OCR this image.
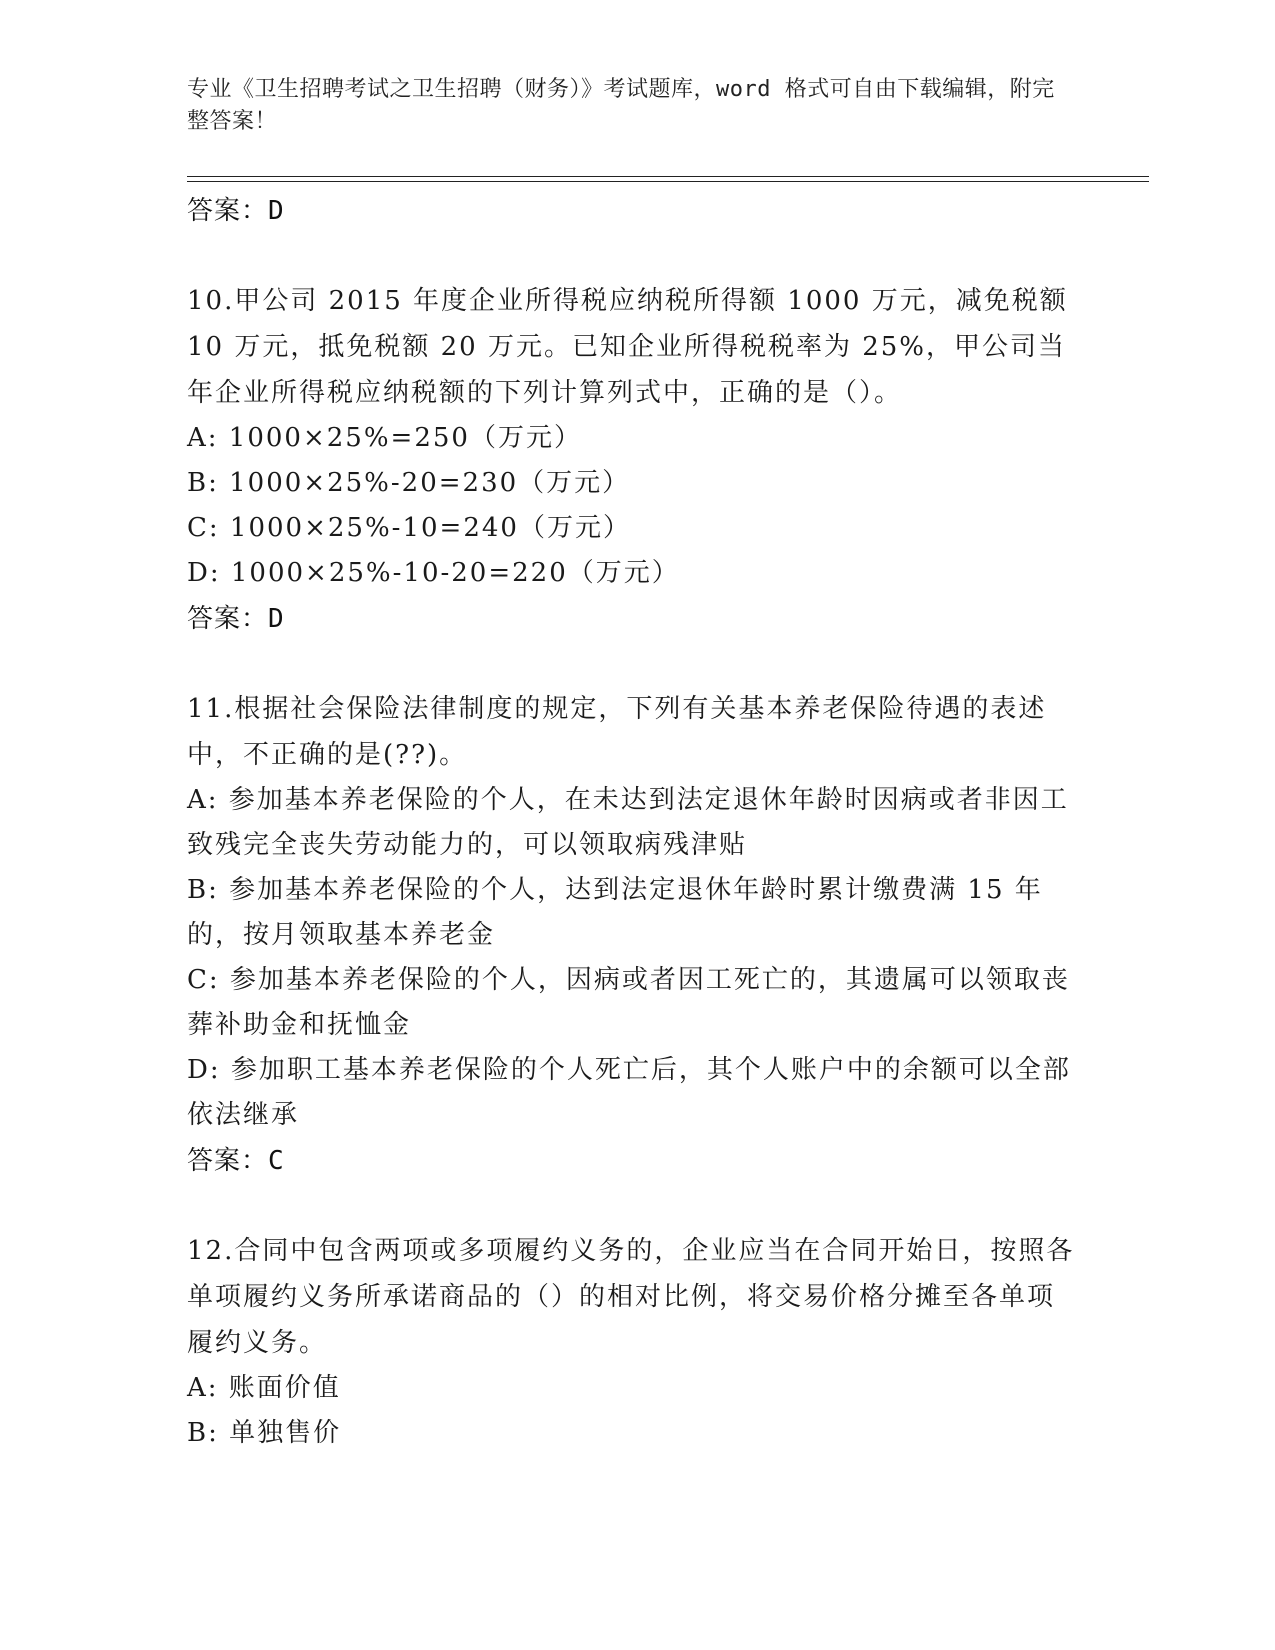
专业《卫生招聘考试之卫生招聘（财务）》考试题库，word 格式可自由下载编辑，附完整答案！
答案：D
10.甲公司 2015 年度企业所得税应纳税所得额 1000 万元，减免税额 10 万元，抵免税额 20 万元。已知企业所得税税率为 25%，甲公司当年企业所得税应纳税额的下列计算列式中，正确的是（）。
A: 1000×25%=250（万元）
B: 1000×25%-20=230（万元）
C: 1000×25%-10=240（万元）
D: 1000×25%-10-20=220（万元）
答案：D
11.根据社会保险法律制度的规定，下列有关基本养老保险待遇的表述中，不正确的是(??)。
A: 参加基本养老保险的个人，在未达到法定退休年龄时因病或者非因工致残完全丧失劳动能力的，可以领取病残津贴
B: 参加基本养老保险的个人，达到法定退休年龄时累计缴费满 15 年的，按月领取基本养老金
C: 参加基本养老保险的个人，因病或者因工死亡的，其遗属可以领取丧葬补助金和抚恤金
D: 参加职工基本养老保险的个人死亡后，其个人账户中的余额可以全部依法继承
答案：C
12.合同中包含两项或多项履约义务的，企业应当在合同开始日，按照各单项履约义务所承诺商品的（）的相对比例，将交易价格分摊至各单项履约义务。
A: 账面价值
B: 单独售价
